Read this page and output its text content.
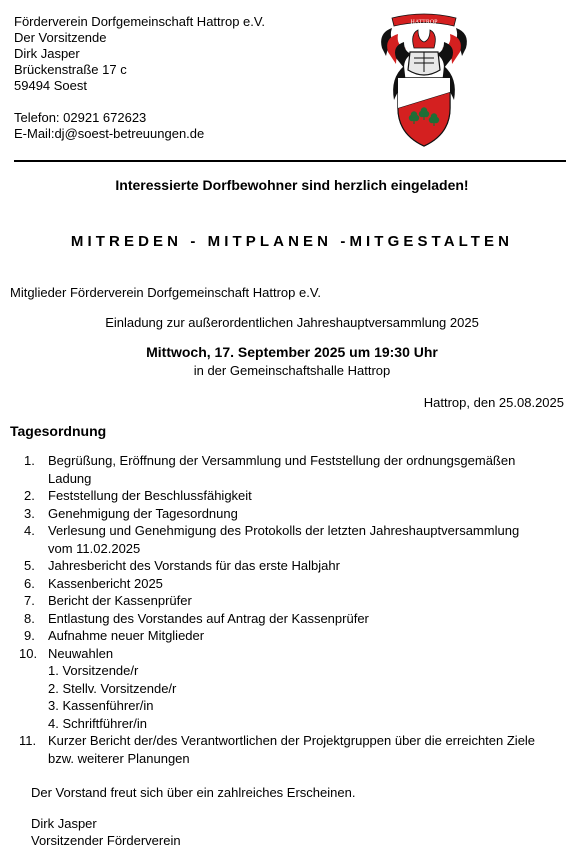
Förderverein Dorfgemeinschaft Hattrop e.V.
Der Vorsitzende
Dirk Jasper
Brückenstraße 17 c
59494 Soest
Telefon: 02921 672623
E-Mail:dj@soest-betreuungen.de
HATTROP
Interessierte Dorfbewohner sind herzlich eingeladen!
MITREDEN - MITPLANEN -MITGESTALTEN
Mitglieder Förderverein Dorfgemeinschaft Hattrop e.V.
Einladung zur außerordentlichen Jahreshauptversammlung 2025
Mittwoch, 17. September 2025 um 19:30 Uhr
in der Gemeinschaftshalle Hattrop
Hattrop, den 25.08.2025
Tagesordnung
1. Begrüßung, Eröffnung der Versammlung und Feststellung der ordnungsgemäßen
Ladung
2. Feststellung der Beschlussfähigkeit
3. Genehmigung der Tagesordnung
4. Verlesung und Genehmigung des Protokolls der letzten Jahreshauptversammlung
vom 11.02.2025
5. Jahresbericht des Vorstands für das erste Halbjahr
6. Kassenbericht 2025
7. Bericht der Kassenprüfer
8. Entlastung des Vorstandes auf Antrag der Kassenprüfer
9. Aufnahme neuer Mitglieder
10. Neuwahlen
1. Vorsitzende/r
2. Stellv. Vorsitzende/r
3. Kassenführer/in
4. Schriftführer/in
11. Kurzer Bericht der/des Verantwortlichen der Projektgruppen über die erreichten Ziele
bzw. weiterer Planungen
Der Vorstand freut sich über ein zahlreiches Erscheinen.
Dirk Jasper
Vorsitzender Förderverein
